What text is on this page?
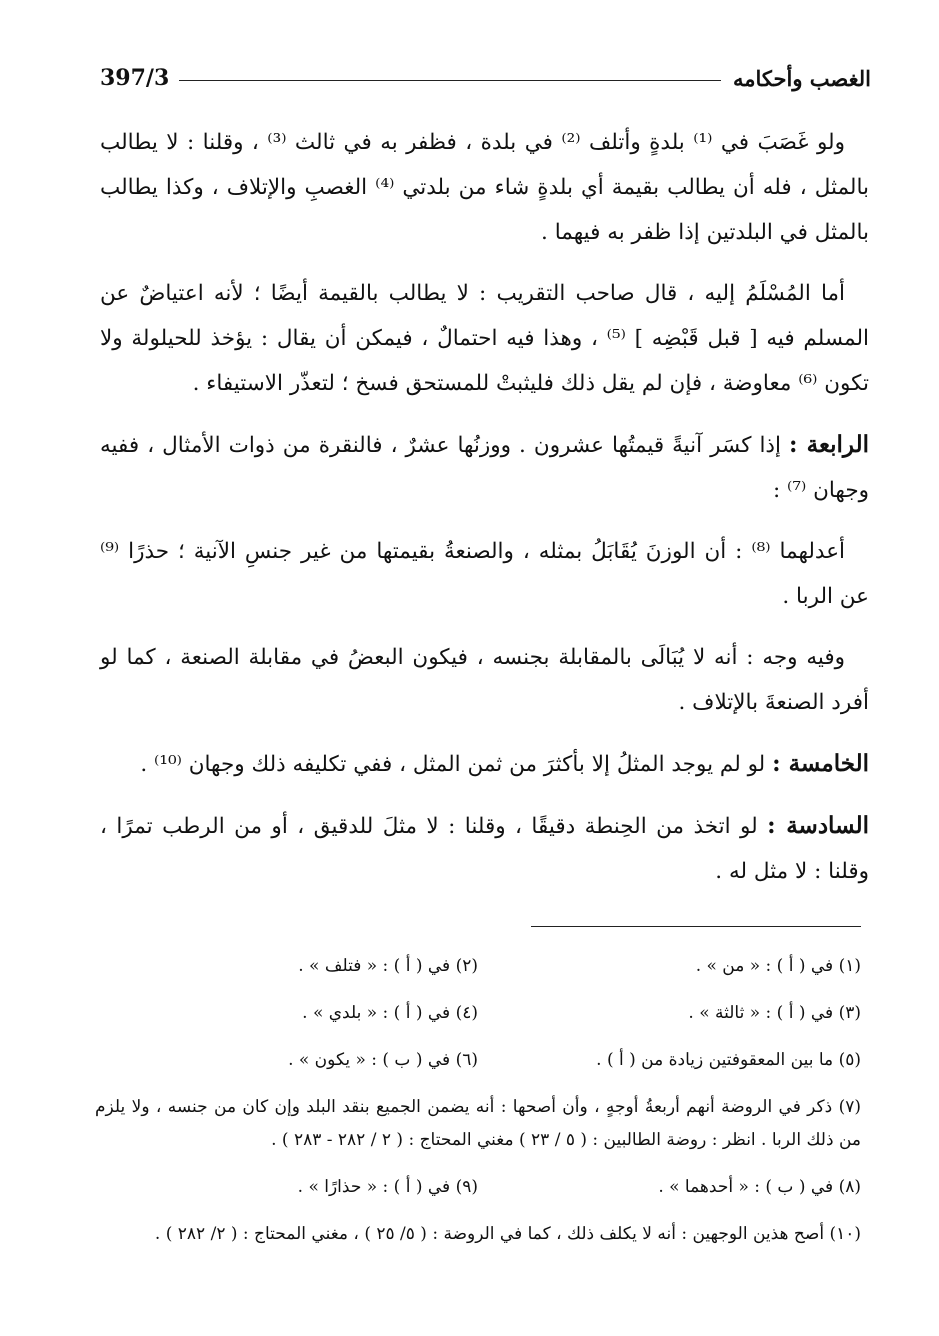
397/3	الغصب وأحكامه

ولو غَصَبَ في ⁽¹⁾ بلدةٍ وأتلف ⁽²⁾ في بلدة ، فظفر به في ثالث ⁽³⁾ ، وقلنا : لا يطالب بالمثل ، فله أن يطالب بقيمة أي بلدةٍ شاء من بلدتي ⁽⁴⁾ الغصبِ والإتلاف ، وكذا يطالب بالمثل في البلدتين إذا ظفر به فيهما .

أما المُسْلَمُ إليه ، قال صاحب التقريب : لا يطالب بالقيمة أيضًا ؛ لأنه اعتياضٌ عن المسلم فيه [ قبل قَبْضِه ] ⁽⁵⁾ ، وهذا فيه احتمالٌ ، فيمكن أن يقال : يؤخذ للحيلولة ولا تكون ⁽⁶⁾ معاوضة ، فإن لم يقل ذلك فليثبتْ للمستحق فسخ ؛ لتعذّر الاستيفاء .

الرابعة : إذا كسَر آنيةً قيمتُها عشرون . ووزنُها عشرٌ ، فالنقرة من ذوات الأمثال ، ففيه وجهان ⁽⁷⁾ :

أعدلهما ⁽⁸⁾ : أن الوزنَ يُقَابَلُ بمثله ، والصنعةُ بقيمتها من غير جنسِ الآنية ؛ حذرًا ⁽⁹⁾ عن الربا .

وفيه وجه : أنه لا يُبَالَى بالمقابلة بجنسه ، فيكون البعضُ في مقابلة الصنعة ، كما لو أفرد الصنعةَ بالإتلاف .

الخامسة : لو لم يوجد المثلُ إلا بأكثرَ من ثمن المثل ، ففي تكليفه ذلك وجهان ⁽¹⁰⁾ .

السادسة : لو اتخذ من الحِنطة دقيقًا ، وقلنا : لا مثلَ للدقيق ، أو من الرطب تمرًا ، وقلنا : لا مثل له .

(١) في ( أ ) : « من » .
(٢) في ( أ ) : « فتلف » .
(٣) في ( أ ) : « ثالثة » .
(٤) في ( أ ) : « بلدي » .
(٥) ما بين المعقوفتين زيادة من ( أ ) .
(٦) في ( ب ) : « يكون » .
(٧) ذكر في الروضة أنهم أربعةُ أوجهٍ ، وأن أصحها : أنه يضمن الجميع بنقد البلد وإن كان من جنسه ، ولا يلزم من ذلك الربا . انظر : روضة الطالبين : ( ٥ / ٢٣ ) مغني المحتاج : ( ٢ / ٢٨٢ - ٢٨٣ ) .
(٨) في ( ب ) : « أحدهما » .
(٩) في ( أ ) : « حذارًا » .
(١٠) أصح هذين الوجهين : أنه لا يكلف ذلك ، كما في الروضة : ( ٥/ ٢٥ ) ، مغني المحتاج : ( ٢/ ٢٨٢ ) .
